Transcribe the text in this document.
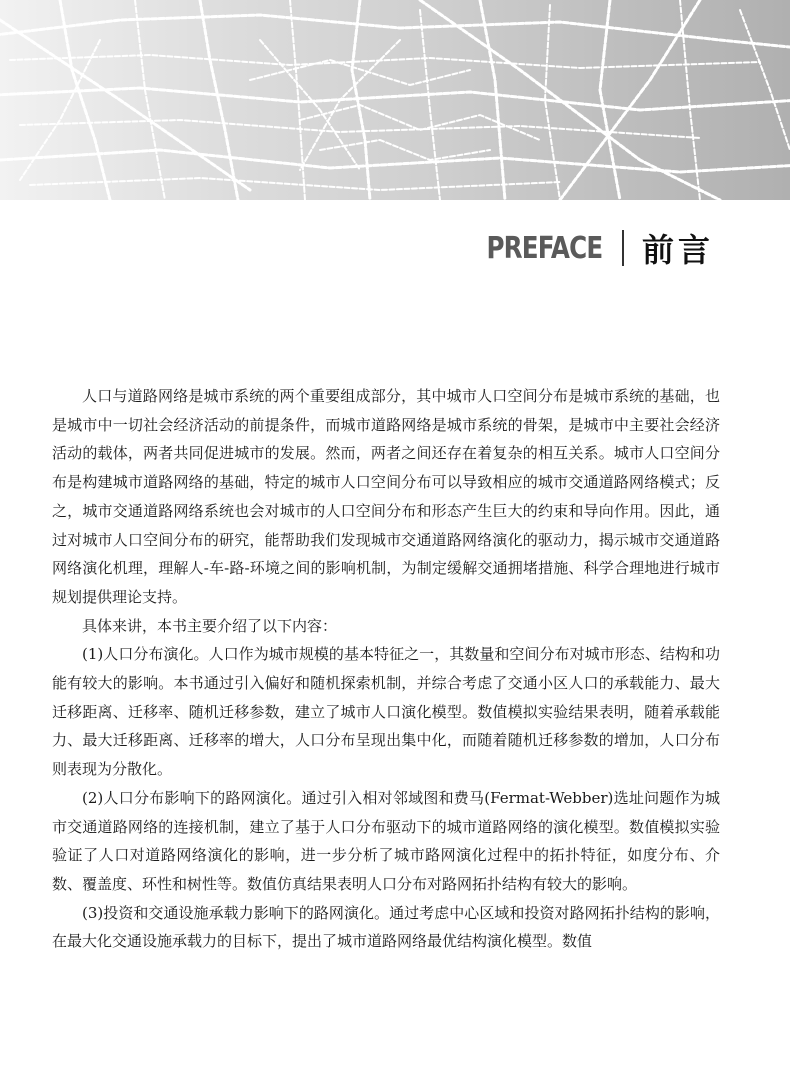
PREFACE 前言

人口与道路网络是城市系统的两个重要组成部分，其中城市人口空间分布是城市系统的基础，也是城市中一切社会经济活动的前提条件，而城市道路网络是城市系统的骨架，是城市中主要社会经济活动的载体，两者共同促进城市的发展。然而，两者之间还存在着复杂的相互关系。城市人口空间分布是构建城市道路网络的基础，特定的城市人口空间分布可以导致相应的城市交通道路网络模式；反之，城市交通道路网络系统也会对城市的人口空间分布和形态产生巨大的约束和导向作用。因此，通过对城市人口空间分布的研究，能帮助我们发现城市交通道路网络演化的驱动力，揭示城市交通道路网络演化机理，理解人-车-路-环境之间的影响机制，为制定缓解交通拥堵措施、科学合理地进行城市规划提供理论支持。

具体来讲，本书主要介绍了以下内容：

(1)人口分布演化。人口作为城市规模的基本特征之一，其数量和空间分布对城市形态、结构和功能有较大的影响。本书通过引入偏好和随机探索机制，并综合考虑了交通小区人口的承载能力、最大迁移距离、迁移率、随机迁移参数，建立了城市人口演化模型。数值模拟实验结果表明，随着承载能力、最大迁移距离、迁移率的增大，人口分布呈现出集中化，而随着随机迁移参数的增加，人口分布则表现为分散化。

(2)人口分布影响下的路网演化。通过引入相对邻域图和费马(Fermat-Webber)选址问题作为城市交通道路网络的连接机制，建立了基于人口分布驱动下的城市道路网络的演化模型。数值模拟实验验证了人口对道路网络演化的影响，进一步分析了城市路网演化过程中的拓扑特征，如度分布、介数、覆盖度、环性和树性等。数值仿真结果表明人口分布对路网拓扑结构有较大的影响。

(3)投资和交通设施承载力影响下的路网演化。通过考虑中心区域和投资对路网拓扑结构的影响，在最大化交通设施承载力的目标下，提出了城市道路网络最优结构演化模型。数值
